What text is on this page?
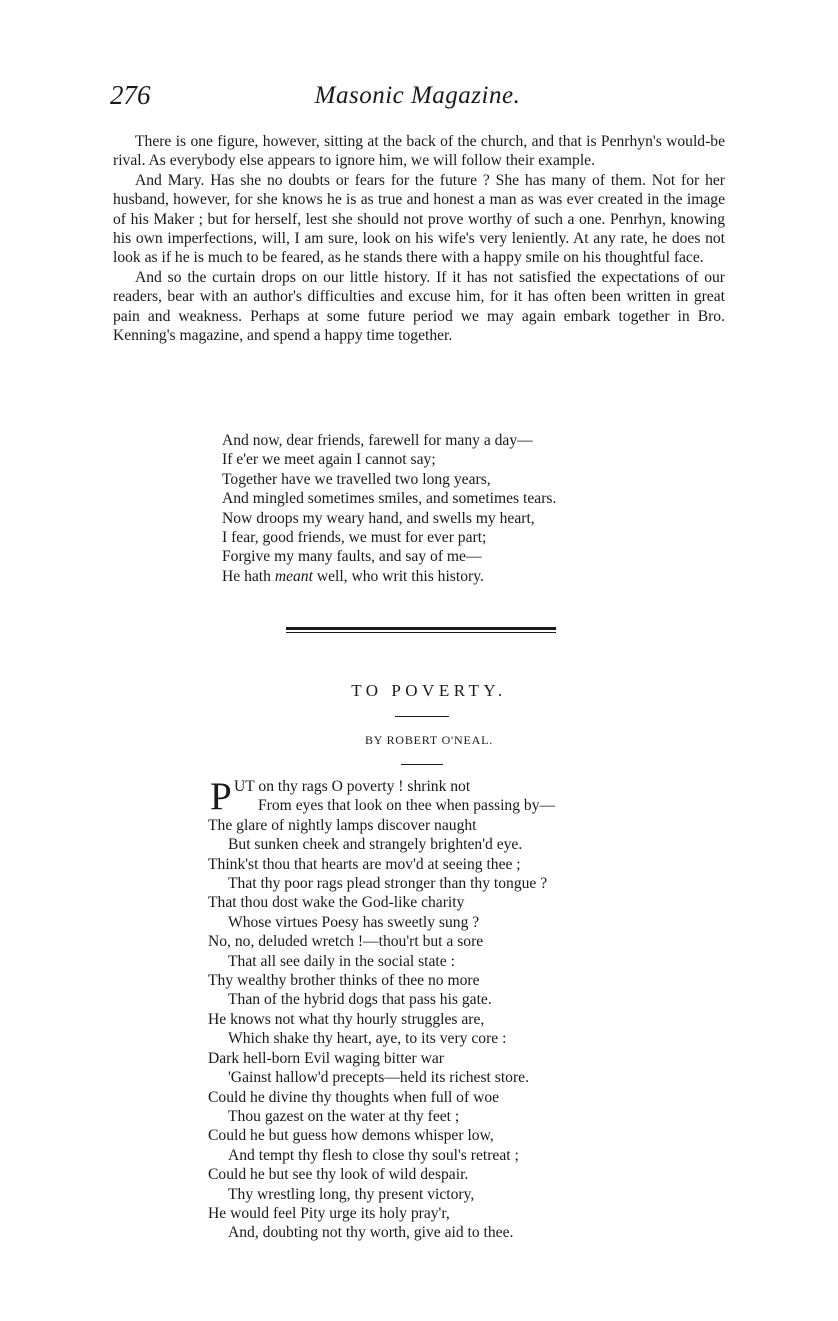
276	Masonic Magazine.

There is one figure, however, sitting at the back of the church, and that is Penrhyn's would-be rival. As everybody else appears to ignore him, we will follow their example.

And Mary. Has she no doubts or fears for the future ? She has many of them. Not for her husband, however, for she knows he is as true and honest a man as was ever created in the image of his Maker ; but for herself, lest she should not prove worthy of such a one. Penrhyn, knowing his own imperfections, will, I am sure, look on his wife's very leniently. At any rate, he does not look as if he is much to be feared, as he stands there with a happy smile on his thoughtful face.

And so the curtain drops on our little history. If it has not satisfied the expectations of our readers, bear with an author's difficulties and excuse him, for it has often been written in great pain and weakness. Perhaps at some future period we may again embark together in Bro. Kenning's magazine, and spend a happy time together.

And now, dear friends, farewell for many a day—
If e'er we meet again I cannot say;
Together have we travelled two long years,
And mingled sometimes smiles, and sometimes tears.
Now droops my weary hand, and swells my heart,
I fear, good friends, we must for ever part;
Forgive my many faults, and say of me—
He hath meant well, who writ this history.
TO POVERTY.
BY ROBERT O'NEAL.
P UT on thy rags O poverty ! shrink not
From eyes that look on thee when passing by—
The glare of nightly lamps discover naught
But sunken cheek and strangely brighten'd eye.
Think'st thou that hearts are mov'd at seeing thee ;
That thy poor rags plead stronger than thy tongue ?
That thou dost wake the God-like charity
Whose virtues Poesy has sweetly sung ?
No, no, deluded wretch !—thou'rt but a sore
That all see daily in the social state :
Thy wealthy brother thinks of thee no more
Than of the hybrid dogs that pass his gate.
He knows not what thy hourly struggles are,
Which shake thy heart, aye, to its very core :
Dark hell-born Evil waging bitter war
'Gainst hallow'd precepts—held its richest store.
Could he divine thy thoughts when full of woe
Thou gazest on the water at thy feet ;
Could he but guess how demons whisper low,
And tempt thy flesh to close thy soul's retreat ;
Could he but see thy look of wild despair.
Thy wrestling long, thy present victory,
He would feel Pity urge its holy pray'r,
And, doubting not thy worth, give aid to thee.
